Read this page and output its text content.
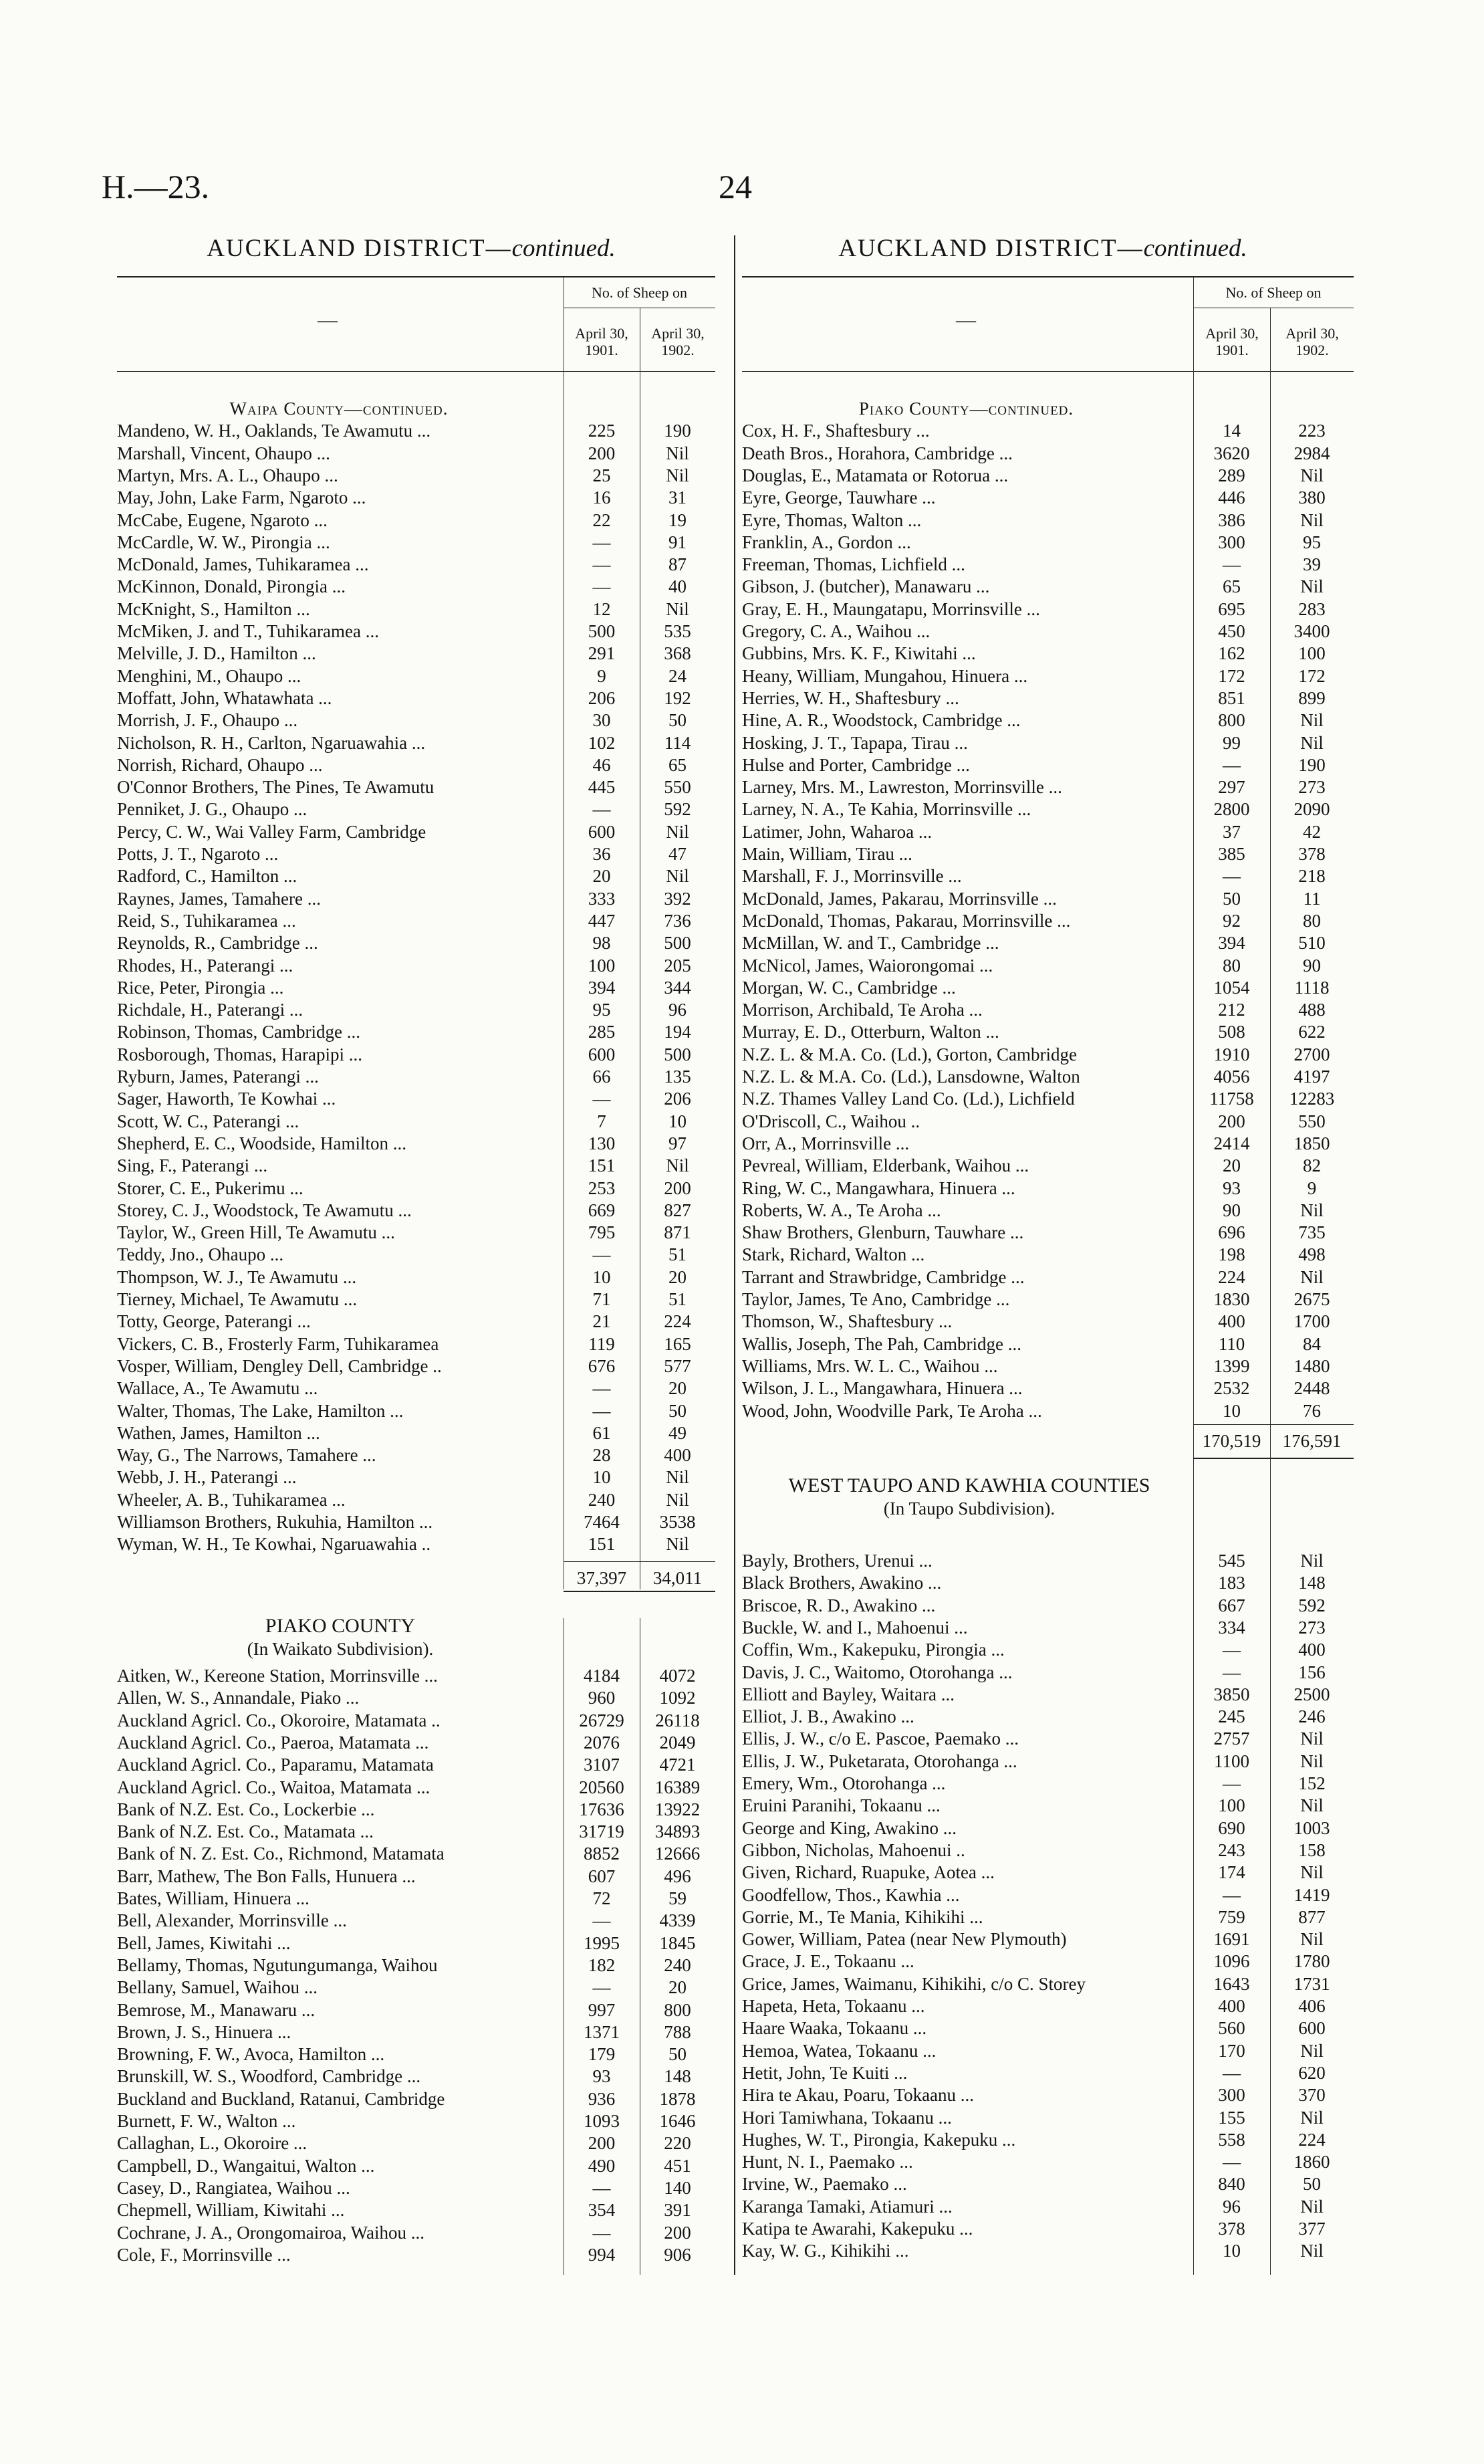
H.—23.	24
AUCKLAND DISTRICT—continued.	AUCKLAND DISTRICT—continued.
No. of Sheep on
April 30, 1901.
April 30, 1902.
—
Waipa County—continued.
Mandeno, W. H., Oaklands, Te Awamutu ...	225	190
Marshall, Vincent, Ohaupo ...	200	Nil
Martyn, Mrs. A. L., Ohaupo ...	25	Nil
May, John, Lake Farm, Ngaroto ...	16	31
McCabe, Eugene, Ngaroto ...	22	19
McCardle, W. W., Pirongia ...	—	91
McDonald, James, Tuhikaramea ...	—	87
McKinnon, Donald, Pirongia ...	—	40
McKnight, S., Hamilton ...	12	Nil
McMiken, J. and T., Tuhikaramea ...	500	535
Melville, J. D., Hamilton ...	291	368
Menghini, M., Ohaupo ...	9	24
Moffatt, John, Whatawhata ...	206	192
Morrish, J. F., Ohaupo ...	30	50
Nicholson, R. H., Carlton, Ngaruawahia ...	102	114
Norrish, Richard, Ohaupo ...	46	65
O'Connor Brothers, The Pines, Te Awamutu	445	550
Penniket, J. G., Ohaupo ...	—	592
Percy, C. W., Wai Valley Farm, Cambridge	600	Nil
Potts, J. T., Ngaroto ...	36	47
Radford, C., Hamilton ...	20	Nil
Raynes, James, Tamahere ...	333	392
Reid, S., Tuhikaramea ...	447	736
Reynolds, R., Cambridge ...	98	500
Rhodes, H., Paterangi ...	100	205
Rice, Peter, Pirongia ...	394	344
Richdale, H., Paterangi ...	95	96
Robinson, Thomas, Cambridge ...	285	194
Rosborough, Thomas, Harapipi ...	600	500
Ryburn, James, Paterangi ...	66	135
Sager, Haworth, Te Kowhai ...	—	206
Scott, W. C., Paterangi ...	7	10
Shepherd, E. C., Woodside, Hamilton ...	130	97
Sing, F., Paterangi ...	151	Nil
Storer, C. E., Pukerimu ...	253	200
Storey, C. J., Woodstock, Te Awamutu ...	669	827
Taylor, W., Green Hill, Te Awamutu ...	795	871
Teddy, Jno., Ohaupo ...	—	51
Thompson, W. J., Te Awamutu ...	10	20
Tierney, Michael, Te Awamutu ...	71	51
Totty, George, Paterangi ...	21	224
Vickers, C. B., Frosterly Farm, Tuhikaramea	119	165
Vosper, William, Dengley Dell, Cambridge ..	676	577
Wallace, A., Te Awamutu ...	—	20
Walter, Thomas, The Lake, Hamilton ...	—	50
Wathen, James, Hamilton ...	61	49
Way, G., The Narrows, Tamahere ...	28	400
Webb, J. H., Paterangi ...	10	Nil
Wheeler, A. B., Tuhikaramea ...	240	Nil
Williamson Brothers, Rukuhia, Hamilton ...	7464	3538
Wyman, W. H., Te Kowhai, Ngaruawahia ..	151	Nil
37,397	34,011
PIAKO COUNTY
(In Waikato Subdivision).
Aitken, W., Kereone Station, Morrinsville ...	4184	4072
Allen, W. S., Annandale, Piako ...	960	1092
Auckland Agricl. Co., Okoroire, Matamata ..	26729	26118
Auckland Agricl. Co., Paeroa, Matamata ...	2076	2049
Auckland Agricl. Co., Paparamu, Matamata	3107	4721
Auckland Agricl. Co., Waitoa, Matamata ...	20560	16389
Bank of N.Z. Est. Co., Lockerbie ...	17636	13922
Bank of N.Z. Est. Co., Matamata ...	31719	34893
Bank of N. Z. Est. Co., Richmond, Matamata	8852	12666
Barr, Mathew, The Bon Falls, Hunuera ...	607	496
Bates, William, Hinuera ...	72	59
Bell, Alexander, Morrinsville ...	—	4339
Bell, James, Kiwitahi ...	1995	1845
Bellamy, Thomas, Ngutungumanga, Waihou	182	240
Bellany, Samuel, Waihou ...	—	20
Bemrose, M., Manawaru ...	997	800
Brown, J. S., Hinuera ...	1371	788
Browning, F. W., Avoca, Hamilton ...	179	50
Brunskill, W. S., Woodford, Cambridge ...	93	148
Buckland and Buckland, Ratanui, Cambridge	936	1878
Burnett, F. W., Walton ...	1093	1646
Callaghan, L., Okoroire ...	200	220
Campbell, D., Wangaitui, Walton ...	490	451
Casey, D., Rangiatea, Waihou ...	—	140
Chepmell, William, Kiwitahi ...	354	391
Cochrane, J. A., Orongomairoa, Waihou ...	—	200
Cole, F., Morrinsville ...	994	906
No. of Sheep on
April 30, 1901.
April 30, 1902.
—
Piako County—continued.
Cox, H. F., Shaftesbury ...	14	223
Death Bros., Horahora, Cambridge ...	3620	2984
Douglas, E., Matamata or Rotorua ...	289	Nil
Eyre, George, Tauwhare ...	446	380
Eyre, Thomas, Walton ...	386	Nil
Franklin, A., Gordon ...	300	95
Freeman, Thomas, Lichfield ...	—	39
Gibson, J. (butcher), Manawaru ...	65	Nil
Gray, E. H., Maungatapu, Morrinsville ...	695	283
Gregory, C. A., Waihou ...	450	3400
Gubbins, Mrs. K. F., Kiwitahi ...	162	100
Heany, William, Mungahou, Hinuera ...	172	172
Herries, W. H., Shaftesbury ...	851	899
Hine, A. R., Woodstock, Cambridge ...	800	Nil
Hosking, J. T., Tapapa, Tirau ...	99	Nil
Hulse and Porter, Cambridge ...	—	190
Larney, Mrs. M., Lawreston, Morrinsville ...	297	273
Larney, N. A., Te Kahia, Morrinsville ...	2800	2090
Latimer, John, Waharoa ...	37	42
Main, William, Tirau ...	385	378
Marshall, F. J., Morrinsville ...	—	218
McDonald, James, Pakarau, Morrinsville ...	50	11
McDonald, Thomas, Pakarau, Morrinsville ...	92	80
McMillan, W. and T., Cambridge ...	394	510
McNicol, James, Waiorongomai ...	80	90
Morgan, W. C., Cambridge ...	1054	1118
Morrison, Archibald, Te Aroha ...	212	488
Murray, E. D., Otterburn, Walton ...	508	622
N.Z. L. & M.A. Co. (Ld.), Gorton, Cambridge	1910	2700
N.Z. L. & M.A. Co. (Ld.), Lansdowne, Walton	4056	4197
N.Z. Thames Valley Land Co. (Ld.), Lichfield	11758	12283
O'Driscoll, C., Waihou ..	200	550
Orr, A., Morrinsville ...	2414	1850
Pevreal, William, Elderbank, Waihou ...	20	82
Ring, W. C., Mangawhara, Hinuera ...	93	9
Roberts, W. A., Te Aroha ...	90	Nil
Shaw Brothers, Glenburn, Tauwhare ...	696	735
Stark, Richard, Walton ...	198	498
Tarrant and Strawbridge, Cambridge ...	224	Nil
Taylor, James, Te Ano, Cambridge ...	1830	2675
Thomson, W., Shaftesbury ...	400	1700
Wallis, Joseph, The Pah, Cambridge ...	110	84
Williams, Mrs. W. L. C., Waihou ...	1399	1480
Wilson, J. L., Mangawhara, Hinuera ...	2532	2448
Wood, John, Woodville Park, Te Aroha ...	10	76
170,519	176,591
WEST TAUPO AND KAWHIA COUNTIES
(In Taupo Subdivision).
Bayly, Brothers, Urenui ...	545	Nil
Black Brothers, Awakino ...	183	148
Briscoe, R. D., Awakino ...	667	592
Buckle, W. and I., Mahoenui ...	334	273
Coffin, Wm., Kakepuku, Pirongia ...	—	400
Davis, J. C., Waitomo, Otorohanga ...	—	156
Elliott and Bayley, Waitara ...	3850	2500
Elliot, J. B., Awakino ...	245	246
Ellis, J. W., c/o E. Pascoe, Paemako ...	2757	Nil
Ellis, J. W., Puketarata, Otorohanga ...	1100	Nil
Emery, Wm., Otorohanga ...	—	152
Eruini Paranihi, Tokaanu ...	100	Nil
George and King, Awakino ...	690	1003
Gibbon, Nicholas, Mahoenui ..	243	158
Given, Richard, Ruapuke, Aotea ...	174	Nil
Goodfellow, Thos., Kawhia ...	—	1419
Gorrie, M., Te Mania, Kihikihi ...	759	877
Gower, William, Patea (near New Plymouth)	1691	Nil
Grace, J. E., Tokaanu ...	1096	1780
Grice, James, Waimanu, Kihikihi, c/o C. Storey	1643	1731
Hapeta, Heta, Tokaanu ...	400	406
Haare Waaka, Tokaanu ...	560	600
Hemoa, Watea, Tokaanu ...	170	Nil
Hetit, John, Te Kuiti ...	—	620
Hira te Akau, Poaru, Tokaanu ...	300	370
Hori Tamiwhana, Tokaanu ...	155	Nil
Hughes, W. T., Pirongia, Kakepuku ...	558	224
Hunt, N. I., Paemako ...	—	1860
Irvine, W., Paemako ...	840	50
Karanga Tamaki, Atiamuri ...	96	Nil
Katipa te Awarahi, Kakepuku ...	378	377
Kay, W. G., Kihikihi ...	10	Nil
